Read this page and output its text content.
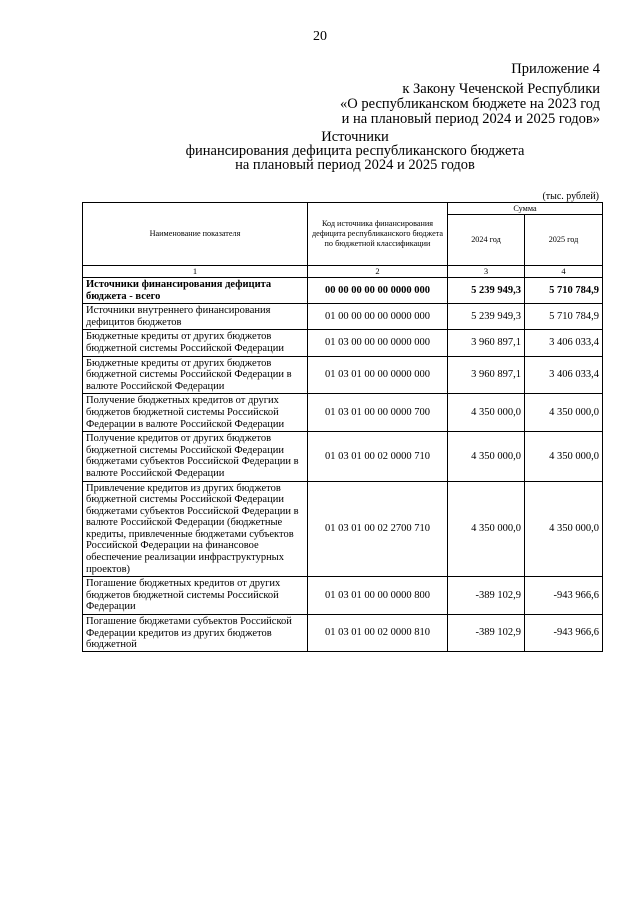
20
Приложение 4
к Закону Чеченской Республики
«О республиканском бюджете на 2023 год
и на плановый период 2024 и 2025 годов»
Источники
финансирования дефицита республиканского бюджета
на плановый период 2024 и 2025 годов
(тыс. рублей)
Наименование показателя	Код источника финансирования дефицита республиканского бюджета по бюджетной классификации	Сумма	
		2024 год	2025 год
1	2	3	4
Источники финансирования дефицита бюджета - всего	00 00 00 00 00 0000 000	5 239 949,3	5 710 784,9
Источники внутреннего финансирования дефицитов бюджетов	01 00 00 00 00 0000 000	5 239 949,3	5 710 784,9
Бюджетные кредиты от других бюджетов бюджетной системы Российской Федерации	01 03 00 00 00 0000 000	3 960 897,1	3 406 033,4
Бюджетные кредиты от других бюджетов бюджетной системы Российской Федерации в валюте Российской Федерации	01 03 01 00 00 0000 000	3 960 897,1	3 406 033,4
Получение бюджетных кредитов от других бюджетов бюджетной системы Российской Федерации в валюте Российской Федерации	01 03 01 00 00 0000 700	4 350 000,0	4 350 000,0
Получение кредитов от других бюджетов бюджетной системы Российской Федерации бюджетами субъектов Российской Федерации в валюте Российской Федерации	01 03 01 00 02 0000 710	4 350 000,0	4 350 000,0
Привлечение кредитов из других бюджетов бюджетной системы Российской Федерации бюджетами субъектов Российской Федерации в валюте Российской Федерации (бюджетные кредиты, привлеченные бюджетами субъектов Российской Федерации на финансовое обеспечение реализации инфраструктурных проектов)	01 03 01 00 02 2700 710	4 350 000,0	4 350 000,0
Погашение бюджетных кредитов от других бюджетов бюджетной системы Российской Федерации	01 03 01 00 00 0000 800	-389 102,9	-943 966,6

Погашение бюджетами субъектов Российской Федерации кредитов из других бюджетов бюджетной	01 03 01 00 02 0000 810	-389 102,9	-943 966,6
